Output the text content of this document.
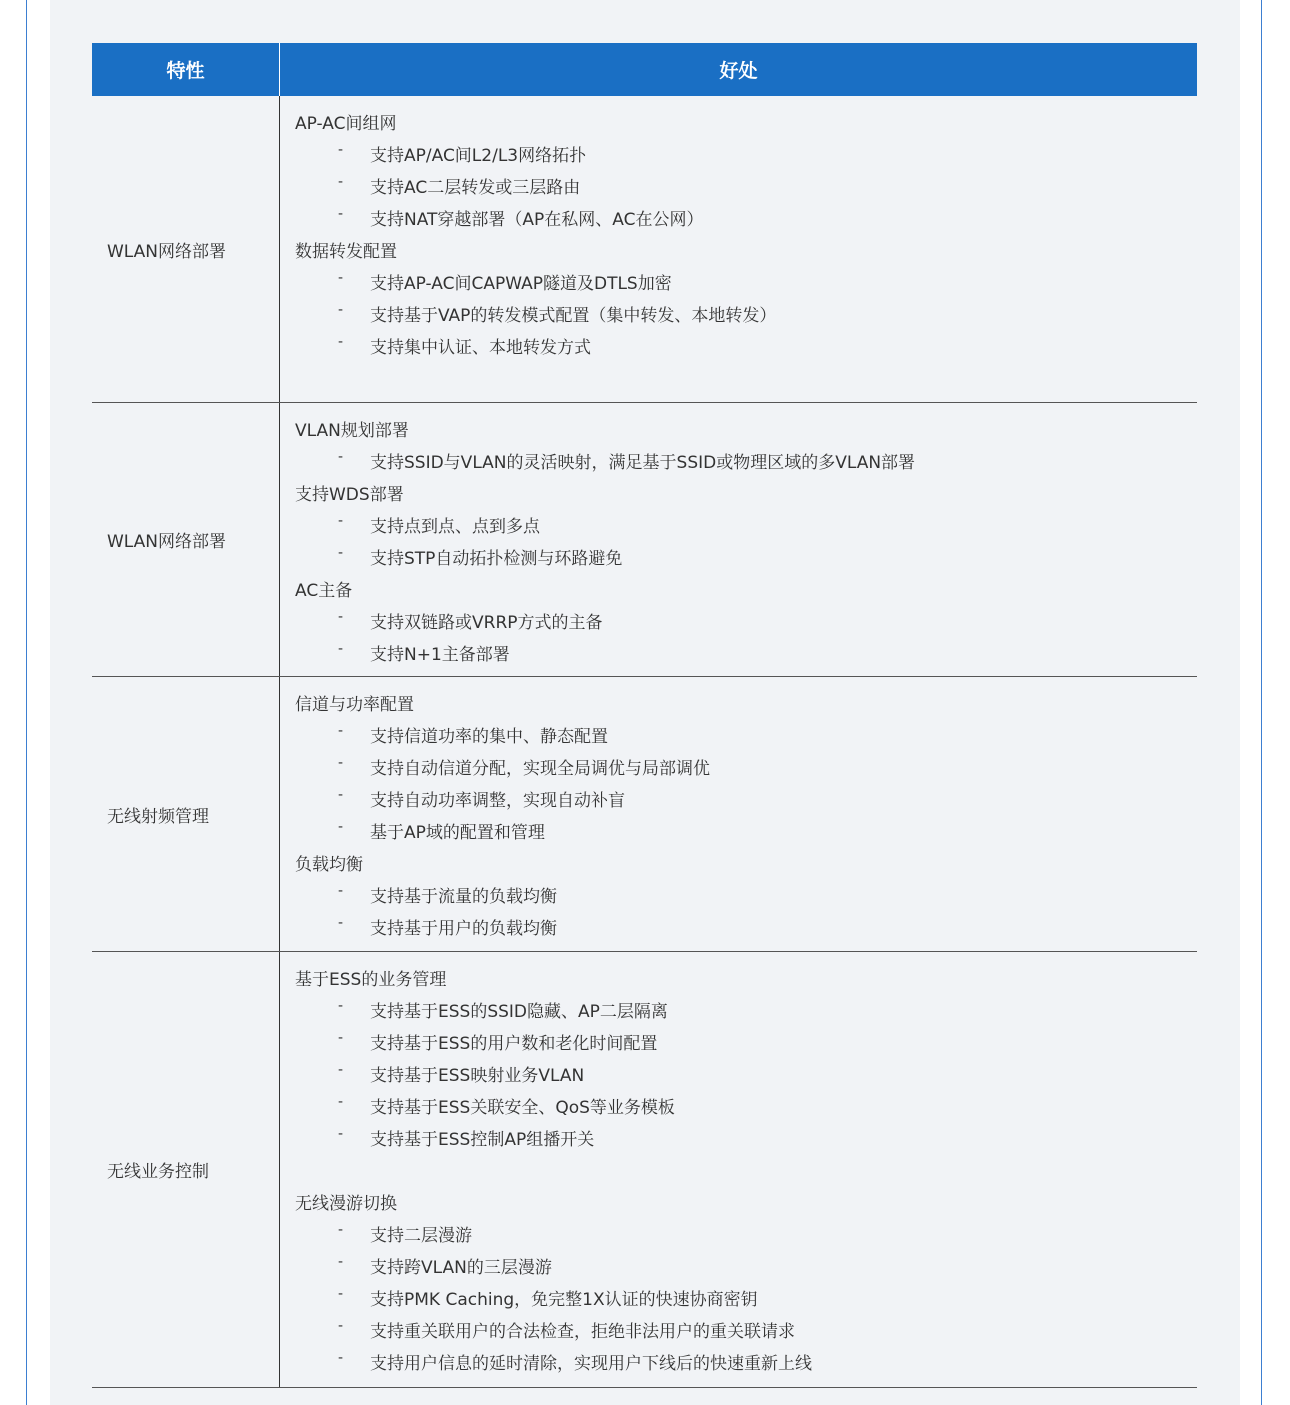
特性	好处
WLAN网络部署
AP-AC间组网
- 支持AP/AC间L2/L3网络拓扑
- 支持AC二层转发或三层路由
- 支持NAT穿越部署（AP在私网、AC在公网）
数据转发配置
- 支持AP-AC间CAPWAP隧道及DTLS加密
- 支持基于VAP的转发模式配置（集中转发、本地转发）
- 支持集中认证、本地转发方式
WLAN网络部署
VLAN规划部署
- 支持SSID与VLAN的灵活映射，满足基于SSID或物理区域的多VLAN部署
支持WDS部署
- 支持点到点、点到多点
- 支持STP自动拓扑检测与环路避免
AC主备
- 支持双链路或VRRP方式的主备
- 支持N+1主备部署
无线射频管理
信道与功率配置
- 支持信道功率的集中、静态配置
- 支持自动信道分配，实现全局调优与局部调优
- 支持自动功率调整，实现自动补盲
- 基于AP域的配置和管理
负载均衡
- 支持基于流量的负载均衡
- 支持基于用户的负载均衡
无线业务控制
基于ESS的业务管理
- 支持基于ESS的SSID隐藏、AP二层隔离
- 支持基于ESS的用户数和老化时间配置
- 支持基于ESS映射业务VLAN
- 支持基于ESS关联安全、QoS等业务模板
- 支持基于ESS控制AP组播开关
无线漫游切换
- 支持二层漫游
- 支持跨VLAN的三层漫游
- 支持PMK Caching，免完整1X认证的快速协商密钥
- 支持重关联用户的合法检查，拒绝非法用户的重关联请求
- 支持用户信息的延时清除，实现用户下线后的快速重新上线
